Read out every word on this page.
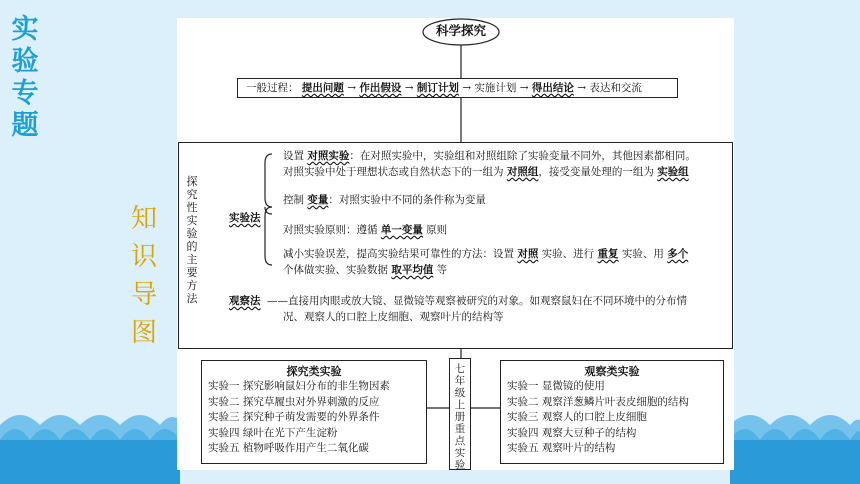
实
验
专
题
知
识
导
图
科学探究
一般过程： 提出问题 → 作出假设 → 制订计划 → 实施计划 → 得出结论 → 表达和交流
探
究
性
实
验
的
主
要
方
法
实验法
设置 对照实验：在对照实验中，实验组和对照组除了实验变量不同外，其他因素都相同。
对照实验中处于理想状态或自然状态下的一组为 对照组，接受变量处理的一组为 实验组
控制 变量：对照实验中不同的条件称为变量
对照实验原则：遵循 单一变量 原则
减小实验误差，提高实验结果可靠性的方法：设置 对照 实验、进行 重复 实验、用 多个
个体做实验、实验数据 取平均值 等
观察法 ——直接用肉眼或放大镜、显微镜等观察被研究的对象。如观察鼠妇在不同环境中的分布情
况、观察人的口腔上皮细胞、观察叶片的结构等
探究类实验
实验一 探究影响鼠妇分布的非生物因素
实验二 探究草履虫对外界刺激的反应
实验三 探究种子萌发需要的外界条件
实验四 绿叶在光下产生淀粉
实验五 植物呼吸作用产生二氧化碳
七
年
级
上
册
重
点
实
验
观察类实验
实验一 显微镜的使用
实验二 观察洋葱鳞片叶表皮细胞的结构
实验三 观察人的口腔上皮细胞
实验四 观察大豆种子的结构
实验五 观察叶片的结构
